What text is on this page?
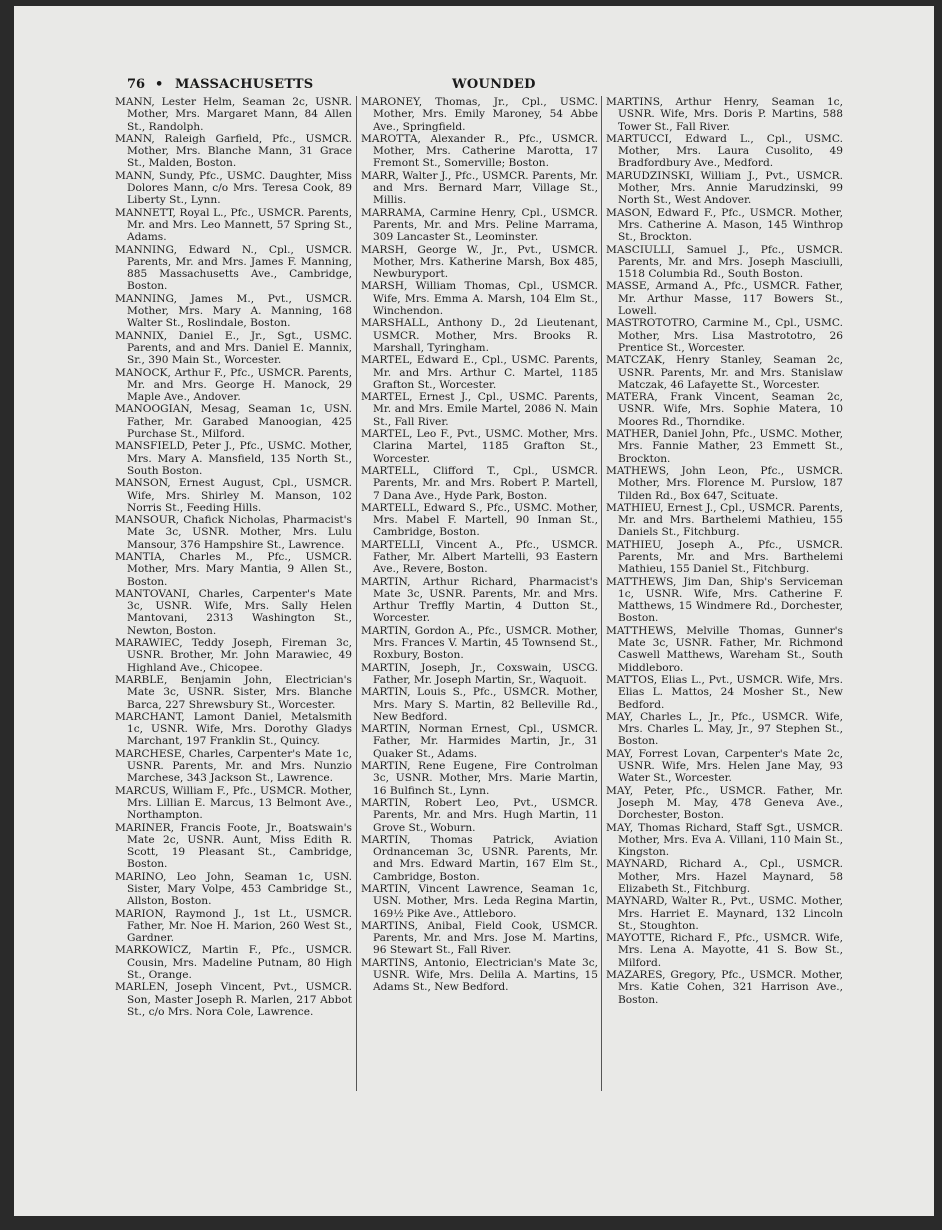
76 • MASSACHUSETTS	WOUNDED

MANN, Lester Helm, Seaman 2c, USNR. Mother, Mrs. Margaret Mann, 84 Allen St., Randolph.

MANN, Raleigh Garfield, Pfc., USMCR. Mother, Mrs. Blanche Mann, 31 Grace St., Malden, Boston.

MANN, Sundy, Pfc., USMC. Daughter, Miss Dolores Mann, c/o Mrs. Teresa Cook, 89 Liberty St., Lynn.

MANNETT, Royal L., Pfc., USMCR. Parents, Mr. and Mrs. Leo Mannett, 57 Spring St., Adams.

MANNING, Edward N., Cpl., USMCR. Parents, Mr. and Mrs. James F. Manning, 885 Massachusetts Ave., Cambridge, Boston.

MANNING, James M., Pvt., USMCR. Mother, Mrs. Mary A. Manning, 168 Walter St., Roslindale, Boston.

MANNIX, Daniel E., Jr., Sgt., USMC. Parents, and and Mrs. Daniel E. Mannix, Sr., 390 Main St., Worcester.

MANOCK, Arthur F., Pfc., USMCR. Parents, Mr. and Mrs. George H. Manock, 29 Maple Ave., Andover.

MANOOGIAN, Mesag, Seaman 1c, USN. Father, Mr. Garabed Manoogian, 425 Purchase St., Milford.

MANSFIELD, Peter J., Pfc., USMC. Mother, Mrs. Mary A. Mansfield, 135 North St., South Boston.

MANSON, Ernest August, Cpl., USMCR. Wife, Mrs. Shirley M. Manson, 102 Norris St., Feeding Hills.

MANSOUR, Chafick Nicholas, Pharmacist's Mate 3c, USNR. Mother, Mrs. Lulu Mansour, 376 Hampshire St., Lawrence.

MANTIA, Charles M., Pfc., USMCR. Mother, Mrs. Mary Mantia, 9 Allen St., Boston.

MANTOVANI, Charles, Carpenter's Mate 3c, USNR. Wife, Mrs. Sally Helen Mantovani, 2313 Washington St., Newton, Boston.

MARAWIEC, Teddy Joseph, Fireman 3c, USNR. Brother, Mr. John Marawiec, 49 Highland Ave., Chicopee.

MARBLE, Benjamin John, Electrician's Mate 3c, USNR. Sister, Mrs. Blanche Barca, 227 Shrewsbury St., Worcester.

MARCHANT, Lamont Daniel, Metalsmith 1c, USNR. Wife, Mrs. Dorothy Gladys Marchant, 197 Franklin St., Quincy.

MARCHESE, Charles, Carpenter's Mate 1c, USNR. Parents, Mr. and Mrs. Nunzio Marchese, 343 Jackson St., Lawrence.

MARCUS, William F., Pfc., USMCR. Mother, Mrs. Lillian E. Marcus, 13 Belmont Ave., Northampton.

MARINER, Francis Foote, Jr., Boatswain's Mate 2c, USNR. Aunt, Miss Edith R. Scott, 19 Pleasant St., Cambridge, Boston.

MARINO, Leo John, Seaman 1c, USN. Sister, Mary Volpe, 453 Cambridge St., Allston, Boston.

MARION, Raymond J., 1st Lt., USMCR. Father, Mr. Noe H. Marion, 260 West St., Gardner.

MARKOWICZ, Martin F., Pfc., USMCR. Cousin, Mrs. Madeline Putnam, 80 High St., Orange.

MARLEN, Joseph Vincent, Pvt., USMCR. Son, Master Joseph R. Marlen, 217 Abbot St., c/o Mrs. Nora Cole, Lawrence.

MARONEY, Thomas, Jr., Cpl., USMC. Mother, Mrs. Emily Maroney, 54 Abbe Ave., Springfield.

MAROTTA, Alexander R., Pfc., USMCR. Mother, Mrs. Catherine Marotta, 17 Fremont St., Somerville; Boston.

MARR, Walter J., Pfc., USMCR. Parents, Mr. and Mrs. Bernard Marr, Village St., Millis.

MARRAMA, Carmine Henry, Cpl., USMCR. Parents, Mr. and Mrs. Peline Marrama, 309 Lancaster St., Leominster.

MARSH, George W., Jr., Pvt., USMCR. Mother, Mrs. Katherine Marsh, Box 485, Newburyport.

MARSH, William Thomas, Cpl., USMCR. Wife, Mrs. Emma A. Marsh, 104 Elm St., Winchendon.

MARSHALL, Anthony D., 2d Lieutenant, USMCR. Mother, Mrs. Brooks R. Marshall, Tyringham.

MARTEL, Edward E., Cpl., USMC. Parents, Mr. and Mrs. Arthur C. Martel, 1185 Grafton St., Worcester.

MARTEL, Ernest J., Cpl., USMC. Parents, Mr. and Mrs. Emile Martel, 2086 N. Main St., Fall River.

MARTEL, Leo F., Pvt., USMC. Mother, Mrs. Clarina Martel, 1185 Grafton St., Worcester.

MARTELL, Clifford T., Cpl., USMCR. Parents, Mr. and Mrs. Robert P. Martell, 7 Dana Ave., Hyde Park, Boston.

MARTELL, Edward S., Pfc., USMC. Mother, Mrs. Mabel F. Martell, 90 Inman St., Cambridge, Boston.

MARTELLI, Vincent A., Pfc., USMCR. Father, Mr. Albert Martelli, 93 Eastern Ave., Revere, Boston.

MARTIN, Arthur Richard, Pharmacist's Mate 3c, USNR. Parents, Mr. and Mrs. Arthur Treffly Martin, 4 Dutton St., Worcester.

MARTIN, Gordon A., Pfc., USMCR. Mother, Mrs. Frances V. Martin, 45 Townsend St., Roxbury, Boston.

MARTIN, Joseph, Jr., Coxswain, USCG. Father, Mr. Joseph Martin, Sr., Waquoit.

MARTIN, Louis S., Pfc., USMCR. Mother, Mrs. Mary S. Martin, 82 Belleville Rd., New Bedford.

MARTIN, Norman Ernest, Cpl., USMCR. Father, Mr. Harmides Martin, Jr., 31 Quaker St., Adams.

MARTIN, Rene Eugene, Fire Controlman 3c, USNR. Mother, Mrs. Marie Martin, 16 Bulfinch St., Lynn.

MARTIN, Robert Leo, Pvt., USMCR. Parents, Mr. and Mrs. Hugh Martin, 11 Grove St., Woburn.

MARTIN, Thomas Patrick, Aviation Ordnanceman 3c, USNR. Parents, Mr. and Mrs. Edward Martin, 167 Elm St., Cambridge, Boston.

MARTIN, Vincent Lawrence, Seaman 1c, USN. Mother, Mrs. Leda Regina Martin, 169½ Pike Ave., Attleboro.

MARTINS, Anibal, Field Cook, USMCR. Parents, Mr. and Mrs. Jose M. Martins, 96 Stewart St., Fall River.

MARTINS, Antonio, Electrician's Mate 3c, USNR. Wife, Mrs. Delila A. Martins, 15 Adams St., New Bedford.

MARTINS, Arthur Henry, Seaman 1c, USNR. Wife, Mrs. Doris P. Martins, 588 Tower St., Fall River.

MARTUCCI, Edward L., Cpl., USMC. Mother, Mrs. Laura Cusolito, 49 Bradfordbury Ave., Medford.

MARUDZINSKI, William J., Pvt., USMCR. Mother, Mrs. Annie Marudzinski, 99 North St., West Andover.

MASON, Edward F., Pfc., USMCR. Mother, Mrs. Catherine A. Mason, 145 Winthrop St., Brockton.

MASCIULLI, Samuel J., Pfc., USMCR. Parents, Mr. and Mrs. Joseph Masciulli, 1518 Columbia Rd., South Boston.

MASSE, Armand A., Pfc., USMCR. Father, Mr. Arthur Masse, 117 Bowers St., Lowell.

MASTROTOTRO, Carmine M., Cpl., USMC. Mother, Mrs. Lisa Mastrototro, 26 Prentice St., Worcester.

MATCZAK, Henry Stanley, Seaman 2c, USNR. Parents, Mr. and Mrs. Stanislaw Matczak, 46 Lafayette St., Worcester.

MATERA, Frank Vincent, Seaman 2c, USNR. Wife, Mrs. Sophie Matera, 10 Moores Rd., Thorndike.

MATHER, Daniel John, Pfc., USMC. Mother, Mrs. Fannie Mather, 23 Emmett St., Brockton.

MATHEWS, John Leon, Pfc., USMCR. Mother, Mrs. Florence M. Purslow, 187 Tilden Rd., Box 647, Scituate.

MATHIEU, Ernest J., Cpl., USMCR. Parents, Mr. and Mrs. Barthelemi Mathieu, 155 Daniels St., Fitchburg.

MATHIEU, Joseph A., Pfc., USMCR. Parents, Mr. and Mrs. Barthelemi Mathieu, 155 Daniel St., Fitchburg.

MATTHEWS, Jim Dan, Ship's Serviceman 1c, USNR. Wife, Mrs. Catherine F. Matthews, 15 Windmere Rd., Dorchester, Boston.

MATTHEWS, Melville Thomas, Gunner's Mate 3c, USNR. Father, Mr. Richmond Caswell Matthews, Wareham St., South Middleboro.

MATTOS, Elias L., Pvt., USMCR. Wife, Mrs. Elias L. Mattos, 24 Mosher St., New Bedford.

MAY, Charles L., Jr., Pfc., USMCR. Wife, Mrs. Charles L. May, Jr., 97 Stephen St., Boston.

MAY, Forrest Lovan, Carpenter's Mate 2c, USNR. Wife, Mrs. Helen Jane May, 93 Water St., Worcester.

MAY, Peter, Pfc., USMCR. Father, Mr. Joseph M. May, 478 Geneva Ave., Dorchester, Boston.

MAY, Thomas Richard, Staff Sgt., USMCR. Mother, Mrs. Eva A. Villani, 110 Main St., Kingston.

MAYNARD, Richard A., Cpl., USMCR. Mother, Mrs. Hazel Maynard, 58 Elizabeth St., Fitchburg.

MAYNARD, Walter R., Pvt., USMC. Mother, Mrs. Harriet E. Maynard, 132 Lincoln St., Stoughton.

MAYOTTE, Richard F., Pfc., USMCR. Wife, Mrs. Lena A. Mayotte, 41 S. Bow St., Milford.

MAZARES, Gregory, Pfc., USMCR. Mother, Mrs. Katie Cohen, 321 Harrison Ave., Boston.
